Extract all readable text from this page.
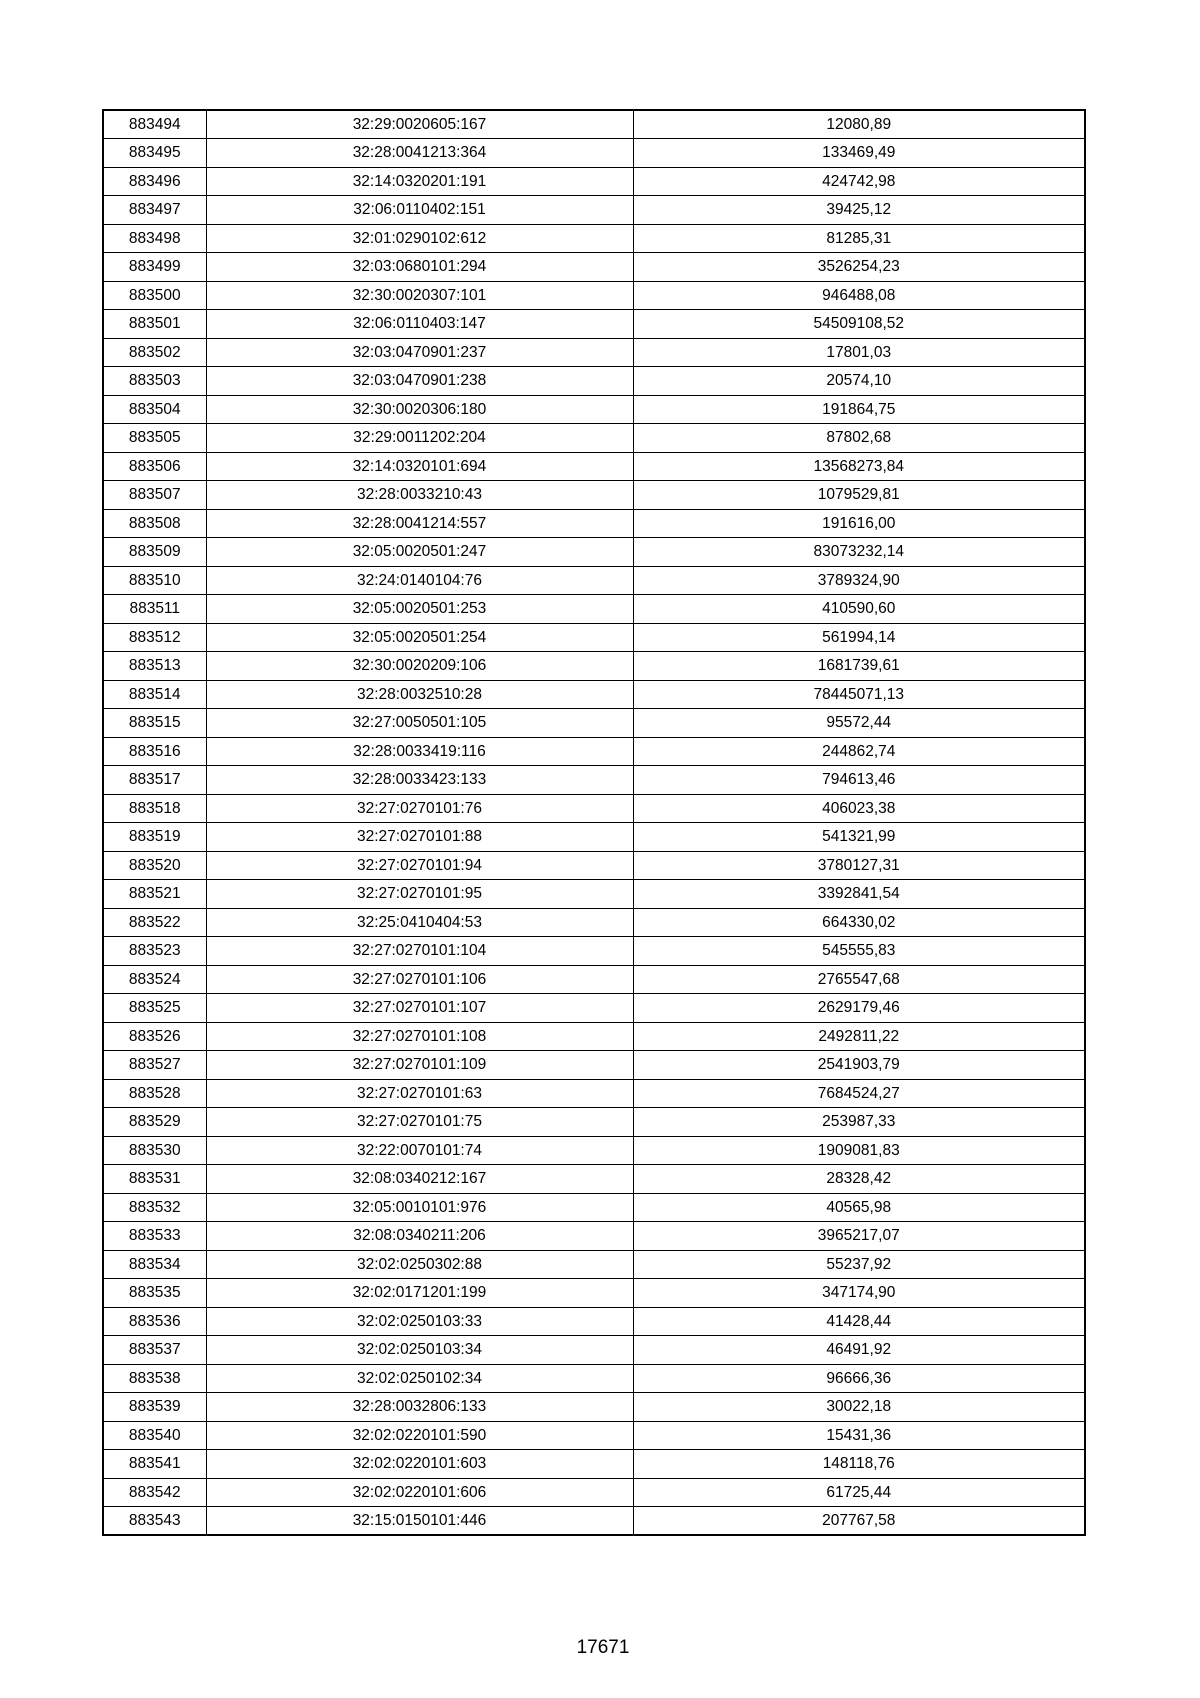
883494	32:29:0020605:167	12080,89
883495	32:28:0041213:364	133469,49
883496	32:14:0320201:191	424742,98
883497	32:06:0110402:151	39425,12
883498	32:01:0290102:612	81285,31
883499	32:03:0680101:294	3526254,23
883500	32:30:0020307:101	946488,08
883501	32:06:0110403:147	54509108,52
883502	32:03:0470901:237	17801,03
883503	32:03:0470901:238	20574,10
883504	32:30:0020306:180	191864,75
883505	32:29:0011202:204	87802,68
883506	32:14:0320101:694	13568273,84
883507	32:28:0033210:43	1079529,81
883508	32:28:0041214:557	191616,00
883509	32:05:0020501:247	83073232,14
883510	32:24:0140104:76	3789324,90
883511	32:05:0020501:253	410590,60
883512	32:05:0020501:254	561994,14
883513	32:30:0020209:106	1681739,61
883514	32:28:0032510:28	78445071,13
883515	32:27:0050501:105	95572,44
883516	32:28:0033419:116	244862,74
883517	32:28:0033423:133	794613,46
883518	32:27:0270101:76	406023,38
883519	32:27:0270101:88	541321,99
883520	32:27:0270101:94	3780127,31
883521	32:27:0270101:95	3392841,54
883522	32:25:0410404:53	664330,02
883523	32:27:0270101:104	545555,83
883524	32:27:0270101:106	2765547,68
883525	32:27:0270101:107	2629179,46
883526	32:27:0270101:108	2492811,22
883527	32:27:0270101:109	2541903,79
883528	32:27:0270101:63	7684524,27
883529	32:27:0270101:75	253987,33
883530	32:22:0070101:74	1909081,83
883531	32:08:0340212:167	28328,42
883532	32:05:0010101:976	40565,98
883533	32:08:0340211:206	3965217,07
883534	32:02:0250302:88	55237,92
883535	32:02:0171201:199	347174,90
883536	32:02:0250103:33	41428,44
883537	32:02:0250103:34	46491,92
883538	32:02:0250102:34	96666,36
883539	32:28:0032806:133	30022,18
883540	32:02:0220101:590	15431,36
883541	32:02:0220101:603	148118,76
883542	32:02:0220101:606	61725,44
883543	32:15:0150101:446	207767,58
17671
